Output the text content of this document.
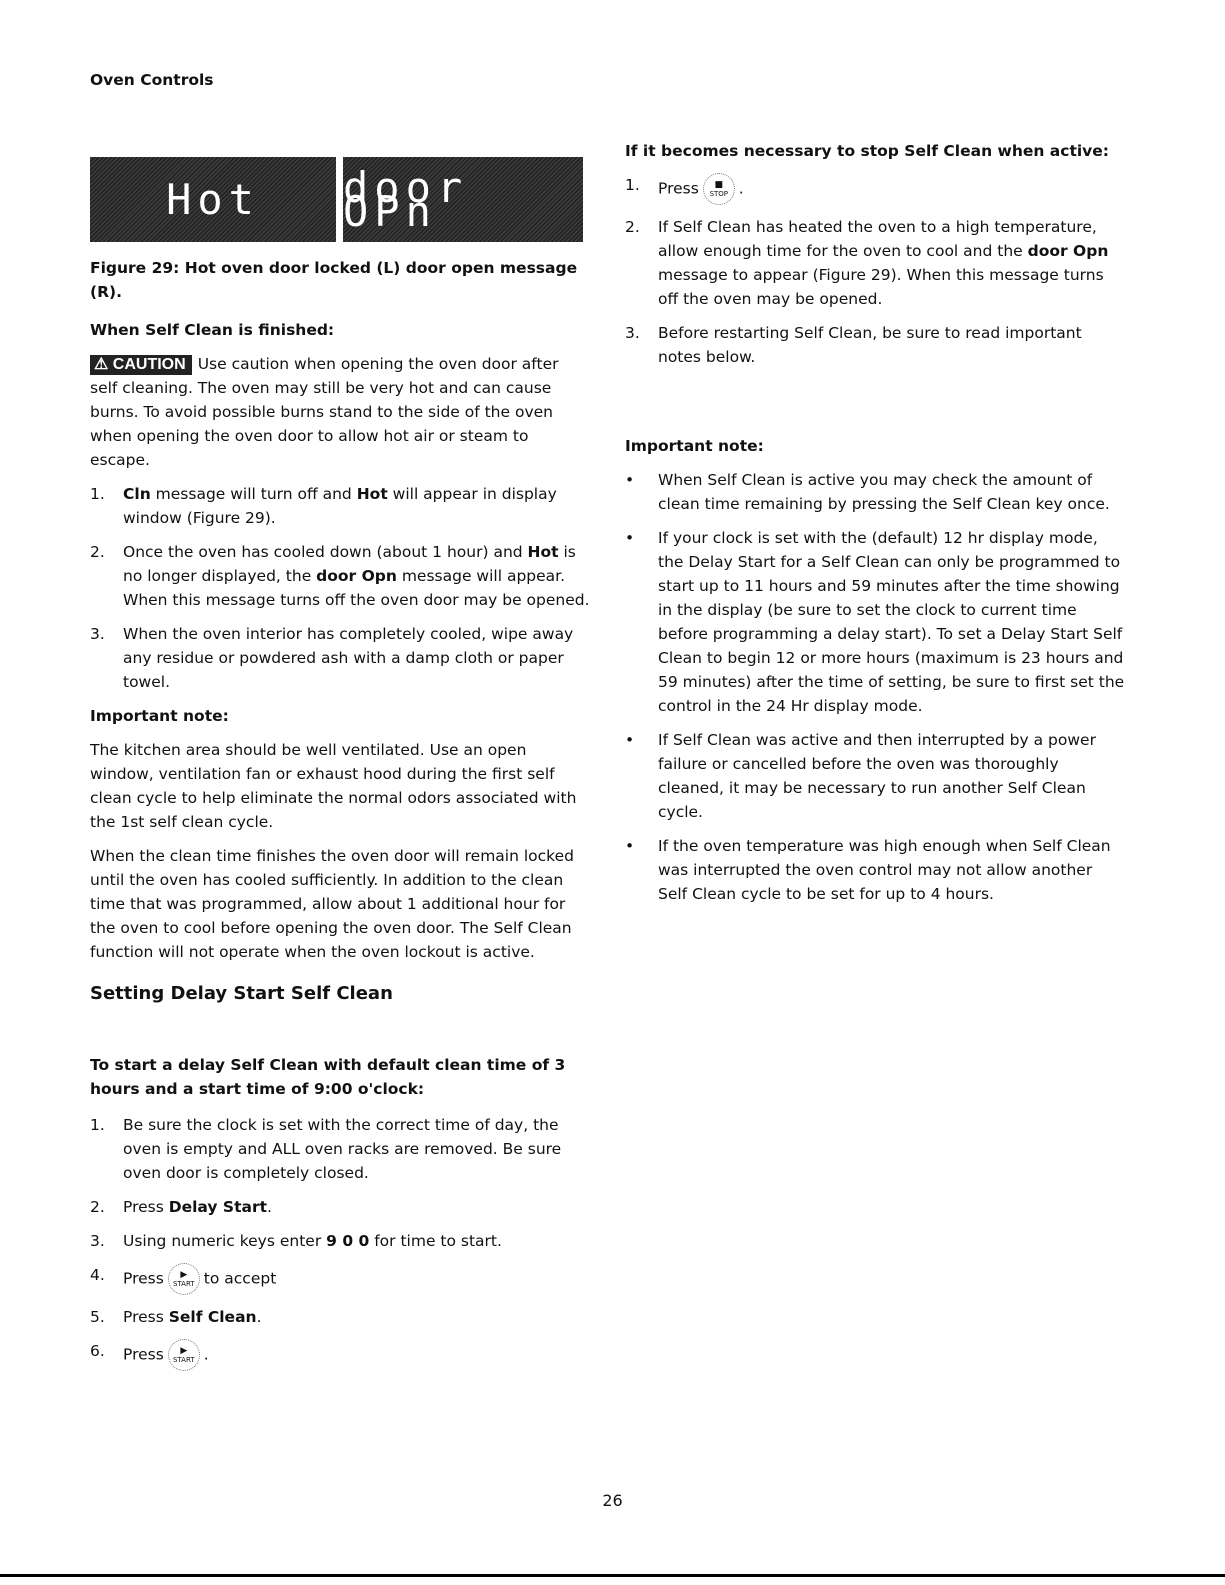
Oven Controls
Hot door OPn
Figure 29: Hot oven door locked (L) door open message (R).

When Self Clean is finished:

⚠ CAUTION Use caution when opening the oven door after self cleaning. The oven may still be very hot and can cause burns. To avoid possible burns stand to the side of the oven when opening the oven door to allow hot air or steam to escape.

1. Cln message will turn off and Hot will appear in display window (Figure 29).
2. Once the oven has cooled down (about 1 hour) and Hot is no longer displayed, the door Opn message will appear. When this message turns off the oven door may be opened.
3. When the oven interior has completely cooled, wipe away any residue or powdered ash with a damp cloth or paper towel.

Important note:

The kitchen area should be well ventilated. Use an open window, ventilation fan or exhaust hood during the first self clean cycle to help eliminate the normal odors associated with the 1st self clean cycle.

When the clean time finishes the oven door will remain locked until the oven has cooled sufficiently. In addition to the clean time that was programmed, allow about 1 additional hour for the oven to cool before opening the oven door. The Self Clean function will not operate when the oven lockout is active.

Setting Delay Start Self Clean

To start a delay Self Clean with default clean time of 3 hours and a start time of 9:00 o'clock:

1. Be sure the clock is set with the correct time of day, the oven is empty and ALL oven racks are removed. Be sure oven door is completely closed.
2. Press Delay Start.
3. Using numeric keys enter 9 0 0 for time to start.
4. Press ▶
START to accept
5. Press Self Clean.
6. Press ▶
START .

If it becomes necessary to stop Self Clean when active:

1. Press ■
STOP .
2. If Self Clean has heated the oven to a high temperature, allow enough time for the oven to cool and the door Opn message to appear (Figure 29). When this message turns off the oven may be opened.
3. Before restarting Self Clean, be sure to read important notes below.

Important note:

• When Self Clean is active you may check the amount of clean time remaining by pressing the Self Clean key once.
• If your clock is set with the (default) 12 hr display mode, the Delay Start for a Self Clean can only be programmed to start up to 11 hours and 59 minutes after the time showing in the display (be sure to set the clock to current time before programming a delay start). To set a Delay Start Self Clean to begin 12 or more hours (maximum is 23 hours and 59 minutes) after the time of setting, be sure to first set the control in the 24 Hr display mode.
• If Self Clean was active and then interrupted by a power failure or cancelled before the oven was thoroughly cleaned, it may be necessary to run another Self Clean cycle.
• If the oven temperature was high enough when Self Clean was interrupted the oven control may not allow another Self Clean cycle to be set for up to 4 hours.
26
